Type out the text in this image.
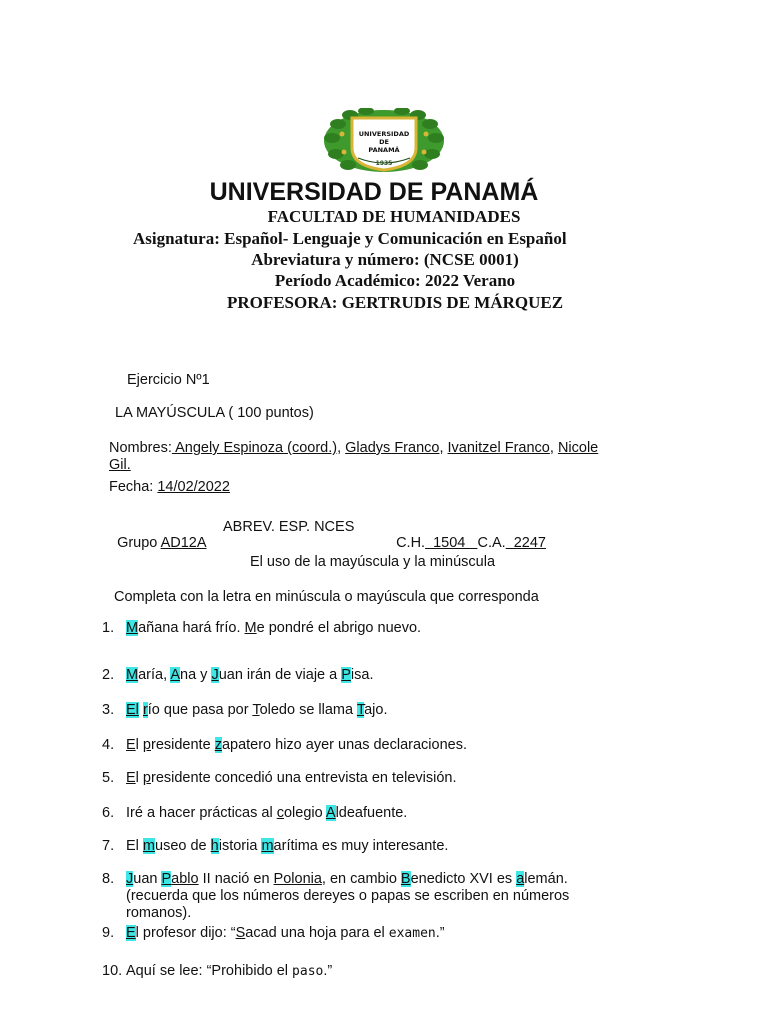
UNIVERSIDAD
DE
PANAMÁ
1935
UNIVERSIDAD DE PANAMÁ
FACULTAD DE HUMANIDADES
Asignatura: Español- Lenguaje y Comunicación en Español
Abreviatura y número: (NCSE 0001)
Período Académico: 2022 Verano
PROFESORA: GERTRUDIS DE MÁRQUEZ
Ejercicio Nº1
LA MAYÚSCULA ( 100 puntos)
Nombres: Angely Espinoza (coord.), Gladys Franco, Ivanitzel Franco, Nicole
Gil.
Fecha: 14/02/2022

Grupo AD12A

ABREV. ESP. NCES

C.H.  1504   C.A.  2247

El uso de la mayúscula y la minúscula
Completa con la letra en minúscula o mayúscula que corresponda
1. Mañana hará frío. Me pondré el abrigo nuevo.
2. María, Ana y Juan irán de viaje a Pisa.
3. El río que pasa por Toledo se llama Tajo.
4. El presidente zapatero hizo ayer unas declaraciones.
5. El presidente concedió una entrevista en televisión.
6. Iré a hacer prácticas al colegio Aldeafuente.
7. El museo de historia marítima es muy interesante.
8. Juan Pablo II nació en Polonia, en cambio Benedicto XVI es alemán.
(recuerda que los números dereyes o papas se escriben en números
romanos).
9. El profesor dijo: “Sacad una hoja para el examen.”
10. Aquí se lee: “Prohibido el paso.”
